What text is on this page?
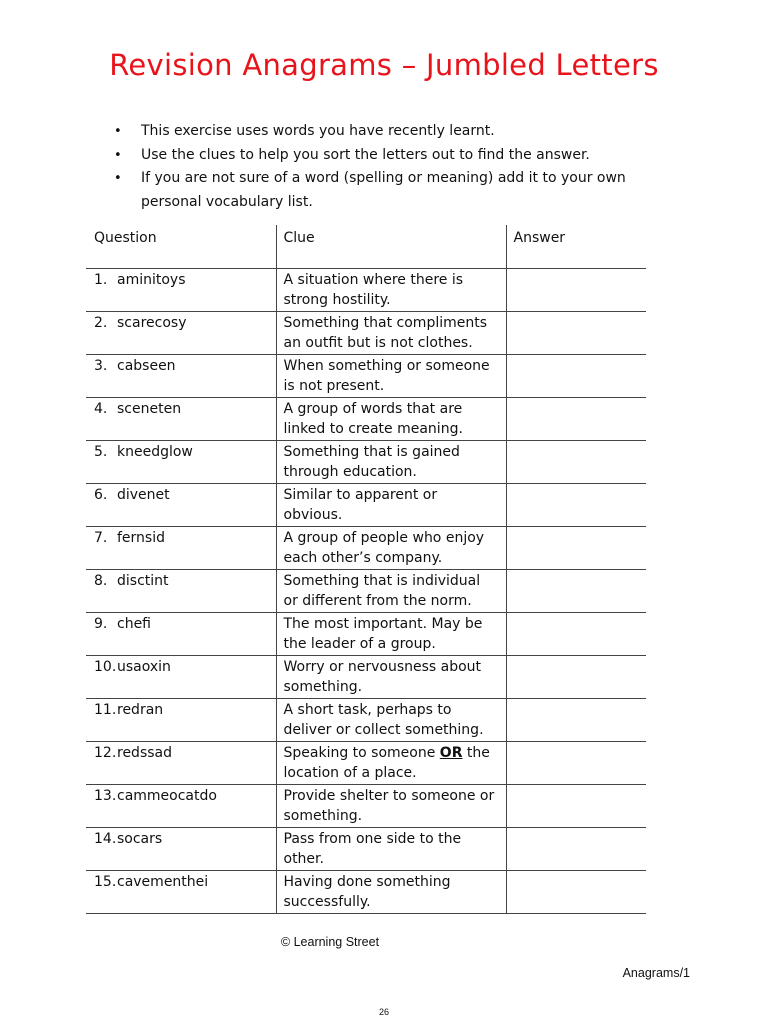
Revision Anagrams – Jumbled Letters
• This exercise uses words you have recently learnt.
• Use the clues to help you sort the letters out to find the answer.
• If you are not sure of a word (spelling or meaning) add it to your own personal vocabulary list.
Question	Clue	Answer
1. aminitoys	A situation where there is strong hostility.	
2. scarecosy	Something that compliments an outfit but is not clothes.	
3. cabseen	When something or someone is not present.	
4. sceneten	A group of words that are linked to create meaning.	
5. kneedglow	Something that is gained through education.	
6. divenet	Similar to apparent or obvious.	
7. fernsid	A group of people who enjoy each other’s company.	
8. disctint	Something that is individual or different from the norm.	
9. chefi	The most important. May be the leader of a group.	
10.usaoxin	Worry or nervousness about something.	
11.redran	A short task, perhaps to deliver or collect something.	
12.redssad	Speaking to someone OR the location of a place.	
13.cammeocatdo	Provide shelter to someone or something.	
14.socars	Pass from one side to the other.	
15.cavementhei	Having done something successfully.	
© Learning Street
Anagrams/1
26
